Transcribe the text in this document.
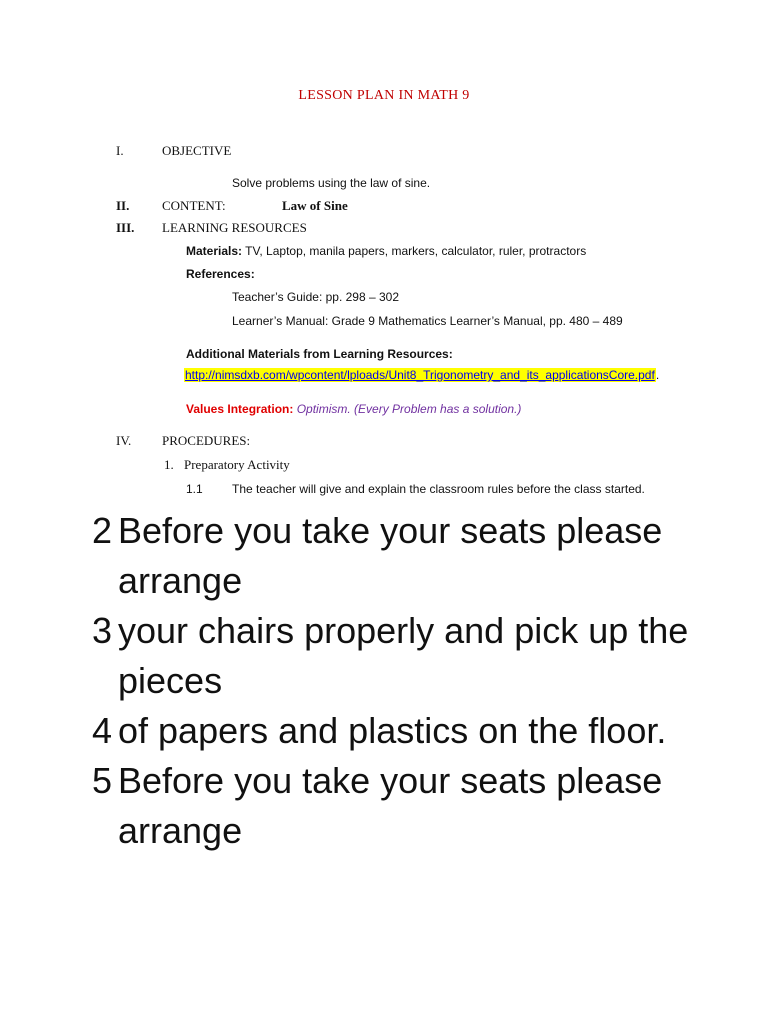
LESSON PLAN IN MATH 9
I.	OBJECTIVE
Solve problems using the law of sine.
II.	CONTENT:	Law of Sine
III. LEARNING RESOURCES
Materials: TV, Laptop, manila papers, markers, calculator, ruler, protractors
References:
Teacher’s Guide: pp. 298 – 302
Learner’s Manual: Grade 9 Mathematics Learner’s Manual, pp. 480 – 489
Additional Materials from Learning Resources:
http://nimsdxb.com/wpcontent/lploads/Unit8_Trigonometry_and_its_applicationsCore.pdf.
Values Integration: Optimism. (Every Problem has a solution.)
IV. PROCEDURES:
1. Preparatory Activity
1.1 The teacher will give and explain the classroom rules before the class started.
2 Before you take your seats please arrange
3 your chairs properly and pick up the pieces
4 of papers and plastics on the floor.
5 Before you take your seats please arrange
